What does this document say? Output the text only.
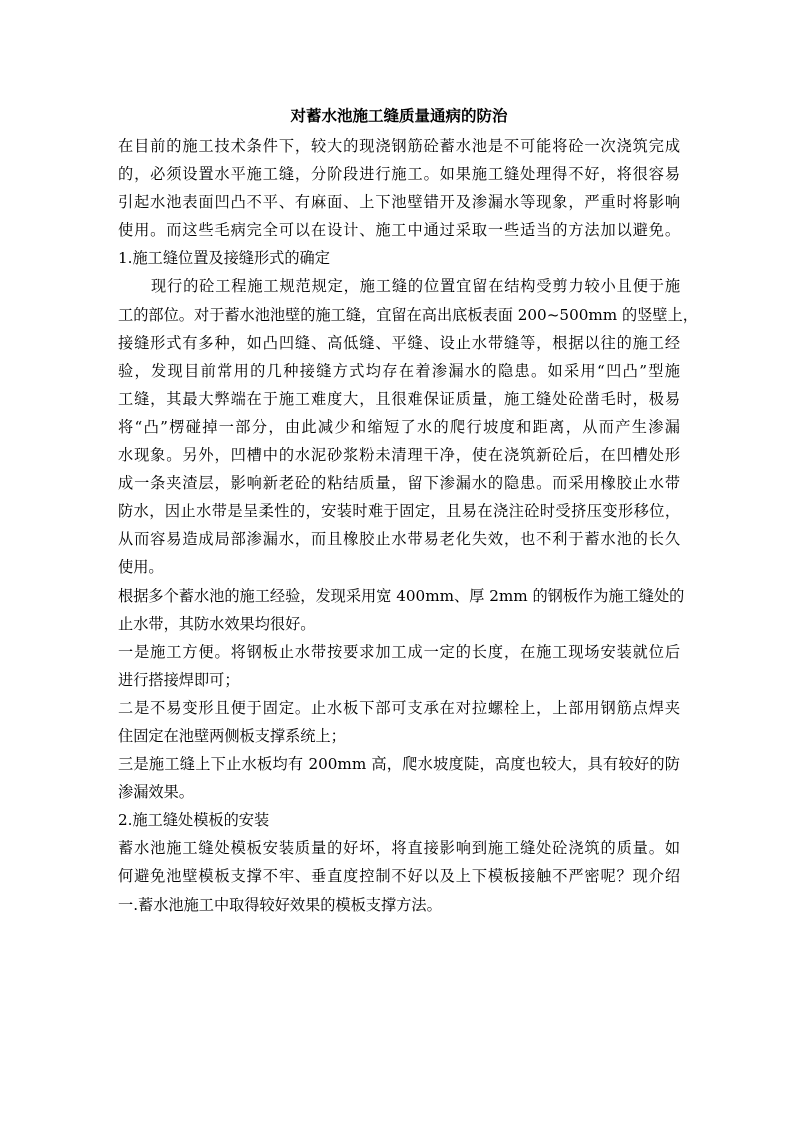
对蓄水池施工缝质量通病的防治
在目前的施工技术条件下，较大的现浇钢筋砼蓄水池是不可能将砼一次浇筑完成
的，必须设置水平施工缝，分阶段进行施工。如果施工缝处理得不好，将很容易
引起水池表面凹凸不平、有麻面、上下池壁错开及渗漏水等现象，严重时将影响
使用。而这些毛病完全可以在设计、施工中通过采取一些适当的方法加以避免。
1.施工缝位置及接缝形式的确定
现行的砼工程施工规范规定，施工缝的位置宜留在结构受剪力较小且便于施
工的部位。对于蓄水池池壁的施工缝，宜留在高出底板表面 200~500mm 的竖壁上，
接缝形式有多种，如凸凹缝、高低缝、平缝、设止水带缝等，根据以往的施工经
验，发现目前常用的几种接缝方式均存在着渗漏水的隐患。如采用“凹凸”型施
工缝，其最大弊端在于施工难度大，且很难保证质量，施工缝处砼凿毛时，极易
将“凸”楞碰掉一部分，由此减少和缩短了水的爬行坡度和距离，从而产生渗漏
水现象。另外，凹槽中的水泥砂浆粉未清理干净，使在浇筑新砼后，在凹槽处形
成一条夹渣层，影响新老砼的粘结质量，留下渗漏水的隐患。而采用橡胶止水带
防水，因止水带是呈柔性的，安装时难于固定，且易在浇注砼时受挤压变形移位，
从而容易造成局部渗漏水，而且橡胶止水带易老化失效，也不利于蓄水池的长久
使用。
根据多个蓄水池的施工经验，发现采用宽 400mm、厚 2mm 的钢板作为施工缝处的
止水带，其防水效果均很好。
一是施工方便。将钢板止水带按要求加工成一定的长度，在施工现场安装就位后
进行搭接焊即可；
二是不易变形且便于固定。止水板下部可支承在对拉螺栓上，上部用钢筋点焊夹
住固定在池壁两侧板支撑系统上；
三是施工缝上下止水板均有 200mm 高，爬水坡度陡，高度也较大，具有较好的防
渗漏效果。
2.施工缝处模板的安装
蓄水池施工缝处模板安装质量的好坏，将直接影响到施工缝处砼浇筑的质量。如
何避免池壁模板支撑不牢、垂直度控制不好以及上下模板接触不严密呢？现介绍
一.蓄水池施工中取得较好效果的模板支撑方法。
